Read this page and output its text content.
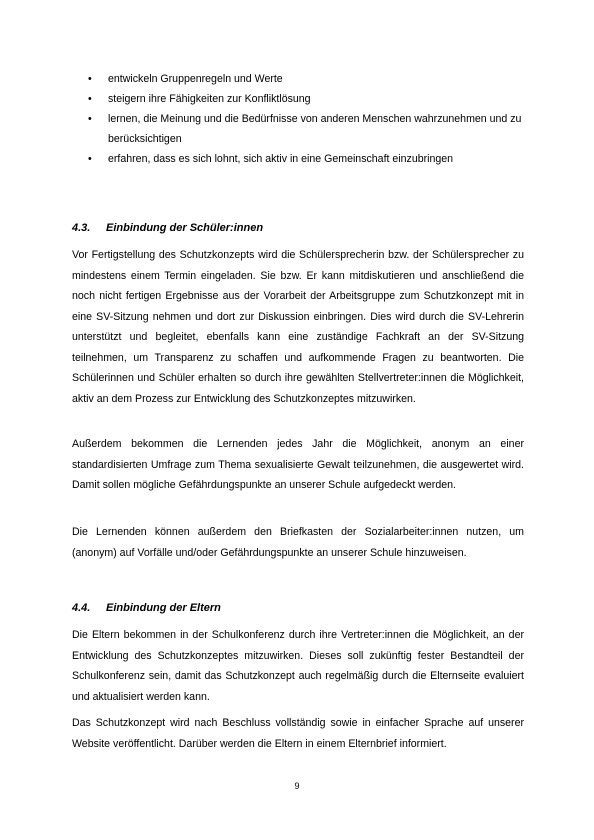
• entwickeln Gruppenregeln und Werte
• steigern ihre Fähigkeiten zur Konfliktlösung
• lernen, die Meinung und die Bedürfnisse von anderen Menschen wahrzunehmen und zu berücksichtigen
• erfahren, dass es sich lohnt, sich aktiv in eine Gemeinschaft einzubringen
4.3. Einbindung der Schüler:innen

Vor Fertigstellung des Schutzkonzepts wird die Schülersprecherin bzw. der Schülersprecher zu mindestens einem Termin eingeladen. Sie bzw. Er kann mitdiskutieren und anschließend die noch nicht fertigen Ergebnisse aus der Vorarbeit der Arbeitsgruppe zum Schutzkonzept mit in eine SV-Sitzung nehmen und dort zur Diskussion einbringen. Dies wird durch die SV-Lehrerin unterstützt und begleitet, ebenfalls kann eine zuständige Fachkraft an der SV-Sitzung teilnehmen, um Transparenz zu schaffen und aufkommende Fragen zu beantworten. Die Schülerinnen und Schüler erhalten so durch ihre gewählten Stellvertreter:innen die Möglichkeit, aktiv an dem Prozess zur Entwicklung des Schutzkonzeptes mitzuwirken.

Außerdem bekommen die Lernenden jedes Jahr die Möglichkeit, anonym an einer standardisierten Umfrage zum Thema sexualisierte Gewalt teilzunehmen, die ausgewertet wird. Damit sollen mögliche Gefährdungspunkte an unserer Schule aufgedeckt werden.

Die Lernenden können außerdem den Briefkasten der Sozialarbeiter:innen nutzen, um (anonym) auf Vorfälle und/oder Gefährdungspunkte an unserer Schule hinzuweisen.

4.4. Einbindung der Eltern

Die Eltern bekommen in der Schulkonferenz durch ihre Vertreter:innen die Möglichkeit, an der Entwicklung des Schutzkonzeptes mitzuwirken. Dieses soll zukünftig fester Bestandteil der Schulkonferenz sein, damit das Schutzkonzept auch regelmäßig durch die Elternseite evaluiert und aktualisiert werden kann.

Das Schutzkonzept wird nach Beschluss vollständig sowie in einfacher Sprache auf unserer Website veröffentlicht. Darüber werden die Eltern in einem Elternbrief informiert.

9
